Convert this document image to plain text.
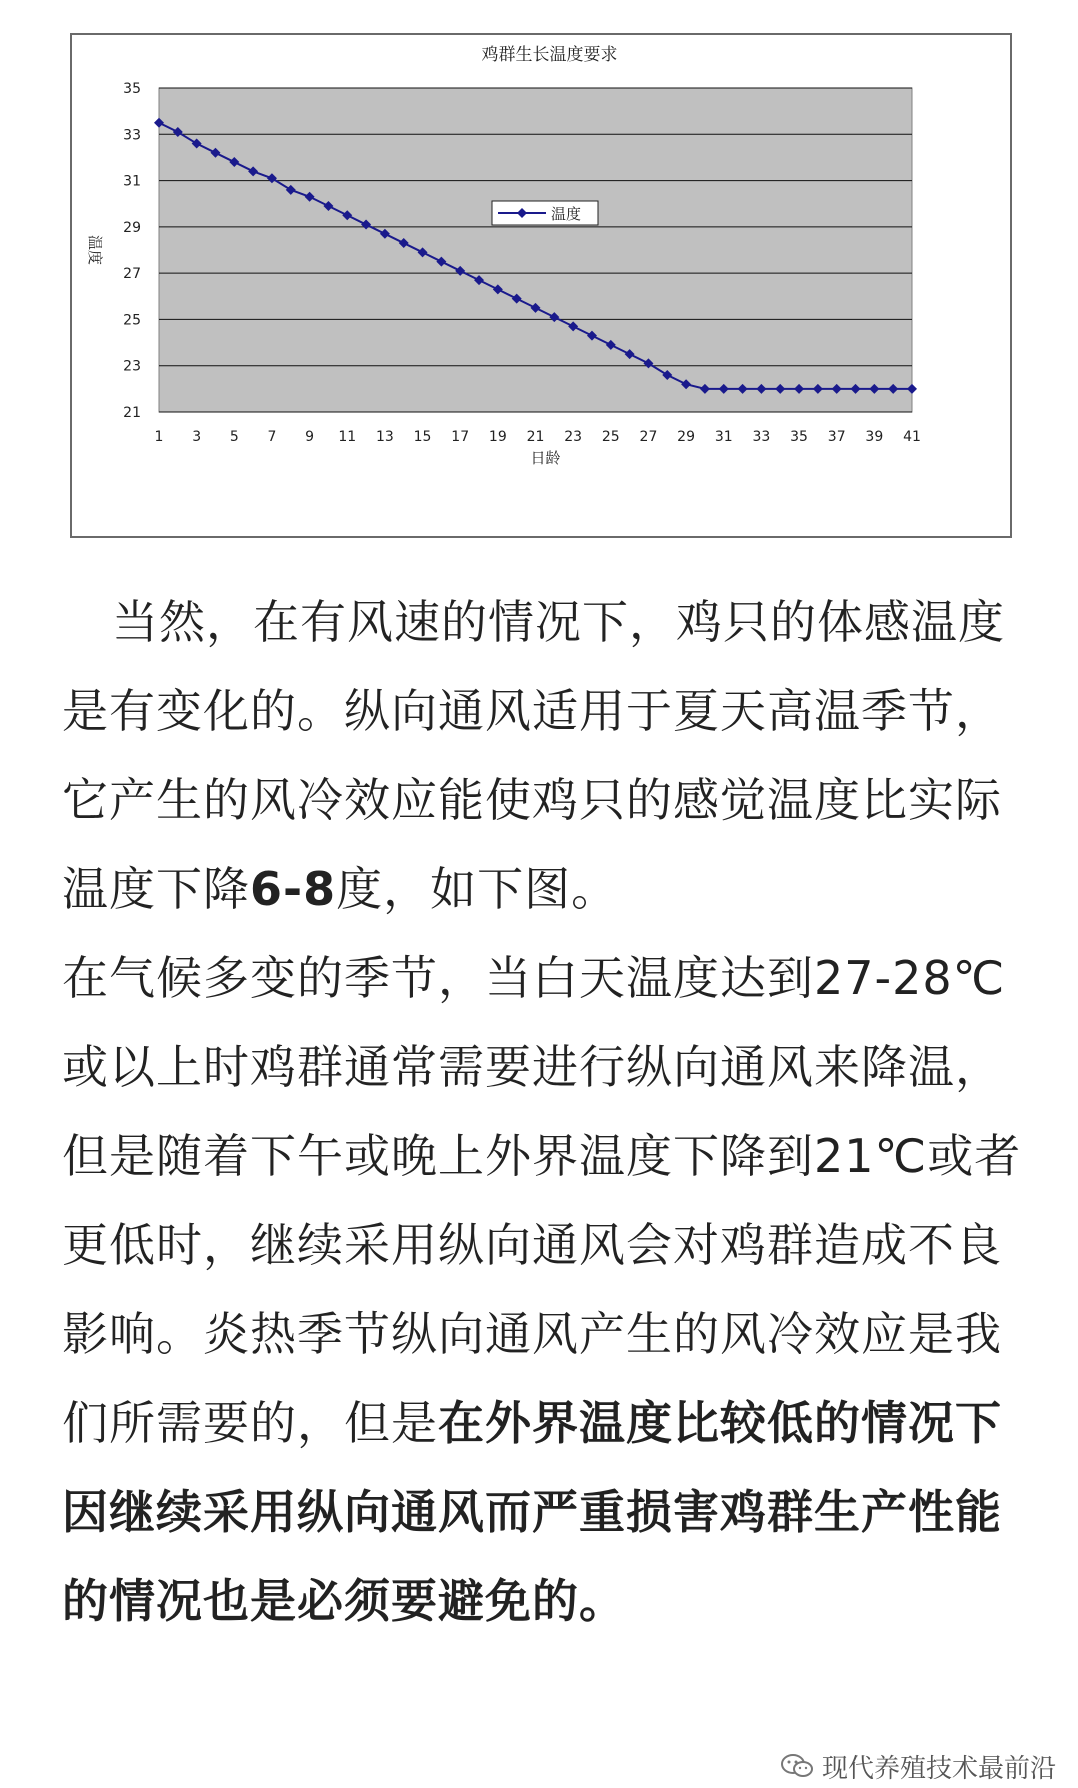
21
23
25
27
29
31
33
35
1 3 5 7 9 11 13 15 17 19 21 23 25 27 29 31 33 35 37 39 41
鸡群生长温度要求
日龄
温度
温度

当然，在有风速的情况下，鸡只的体感温度是有变化的。纵向通风适用于夏天高温季节，它产生的风冷效应能使鸡只的感觉温度比实际温度下降6-8度，如下图。

在气候多变的季节，当白天温度达到27-28℃或以上时鸡群通常需要进行纵向通风来降温，但是随着下午或晚上外界温度下降到21℃或者更低时，继续采用纵向通风会对鸡群造成不良影响。炎热季节纵向通风产生的风冷效应是我们所需要的，但是在外界温度比较低的情况下因继续采用纵向通风而严重损害鸡群生产性能的情况也是必须要避免的。

现代养殖技术最前沿
